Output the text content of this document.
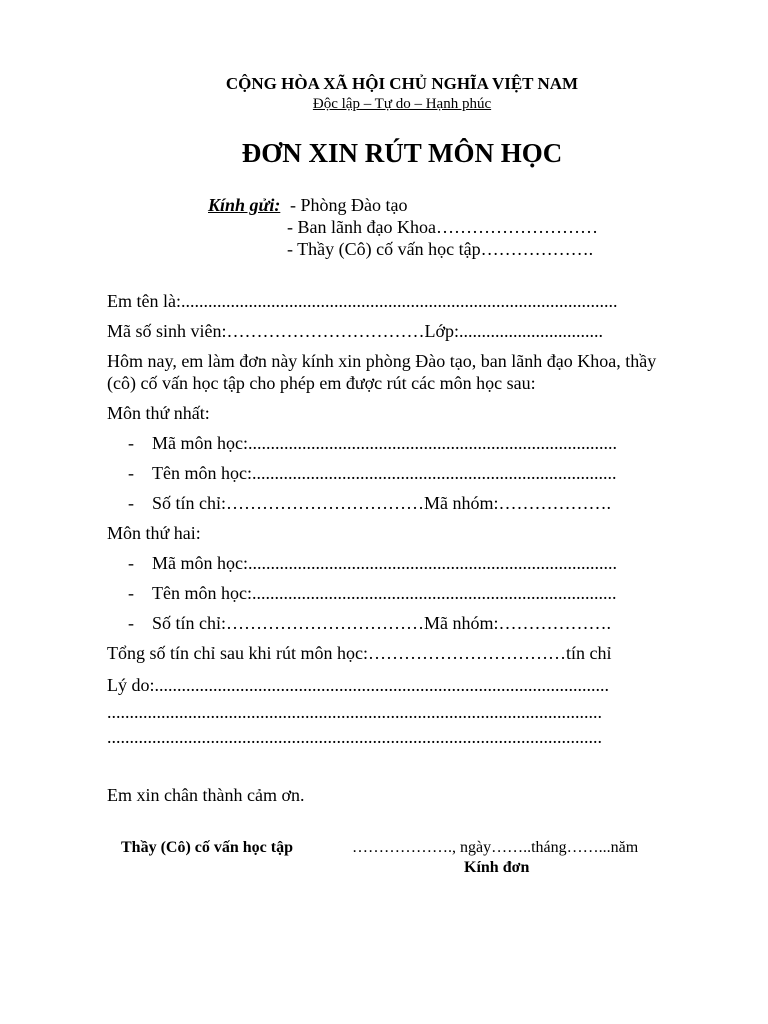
CỘNG HÒA XÃ HỘI CHỦ NGHĨA VIỆT NAM
Độc lập – Tự do – Hạnh phúc
ĐƠN XIN RÚT MÔN HỌC
Kính gửi: - Phòng Đào tạo
- Ban lãnh đạo Khoa………………………
- Thầy (Cô) cố vấn học tập……………….
Em tên là:.................................................................................................
Mã số sinh viên:……………………………Lớp:................................
Hôm nay, em làm đơn này kính xin phòng Đào tạo, ban lãnh đạo Khoa, thầy
(cô) cố vấn học tập cho phép em được rút các môn học sau:
Môn thứ nhất:
- Mã môn học:..................................................................................
- Tên môn học:.................................................................................
- Số tín chỉ:……………………………Mã nhóm:……………….
Môn thứ hai:
- Mã môn học:..................................................................................
- Tên môn học:.................................................................................
- Số tín chỉ:……………………………Mã nhóm:……………….
Tổng số tín chỉ sau khi rút môn học:……………………………tín chỉ
Lý do:.....................................................................................................
..............................................................................................................
..............................................................................................................
Em xin chân thành cảm ơn.
Thầy (Cô) cố vấn học tập	………………., ngày……..tháng……...năm
Kính đơn
